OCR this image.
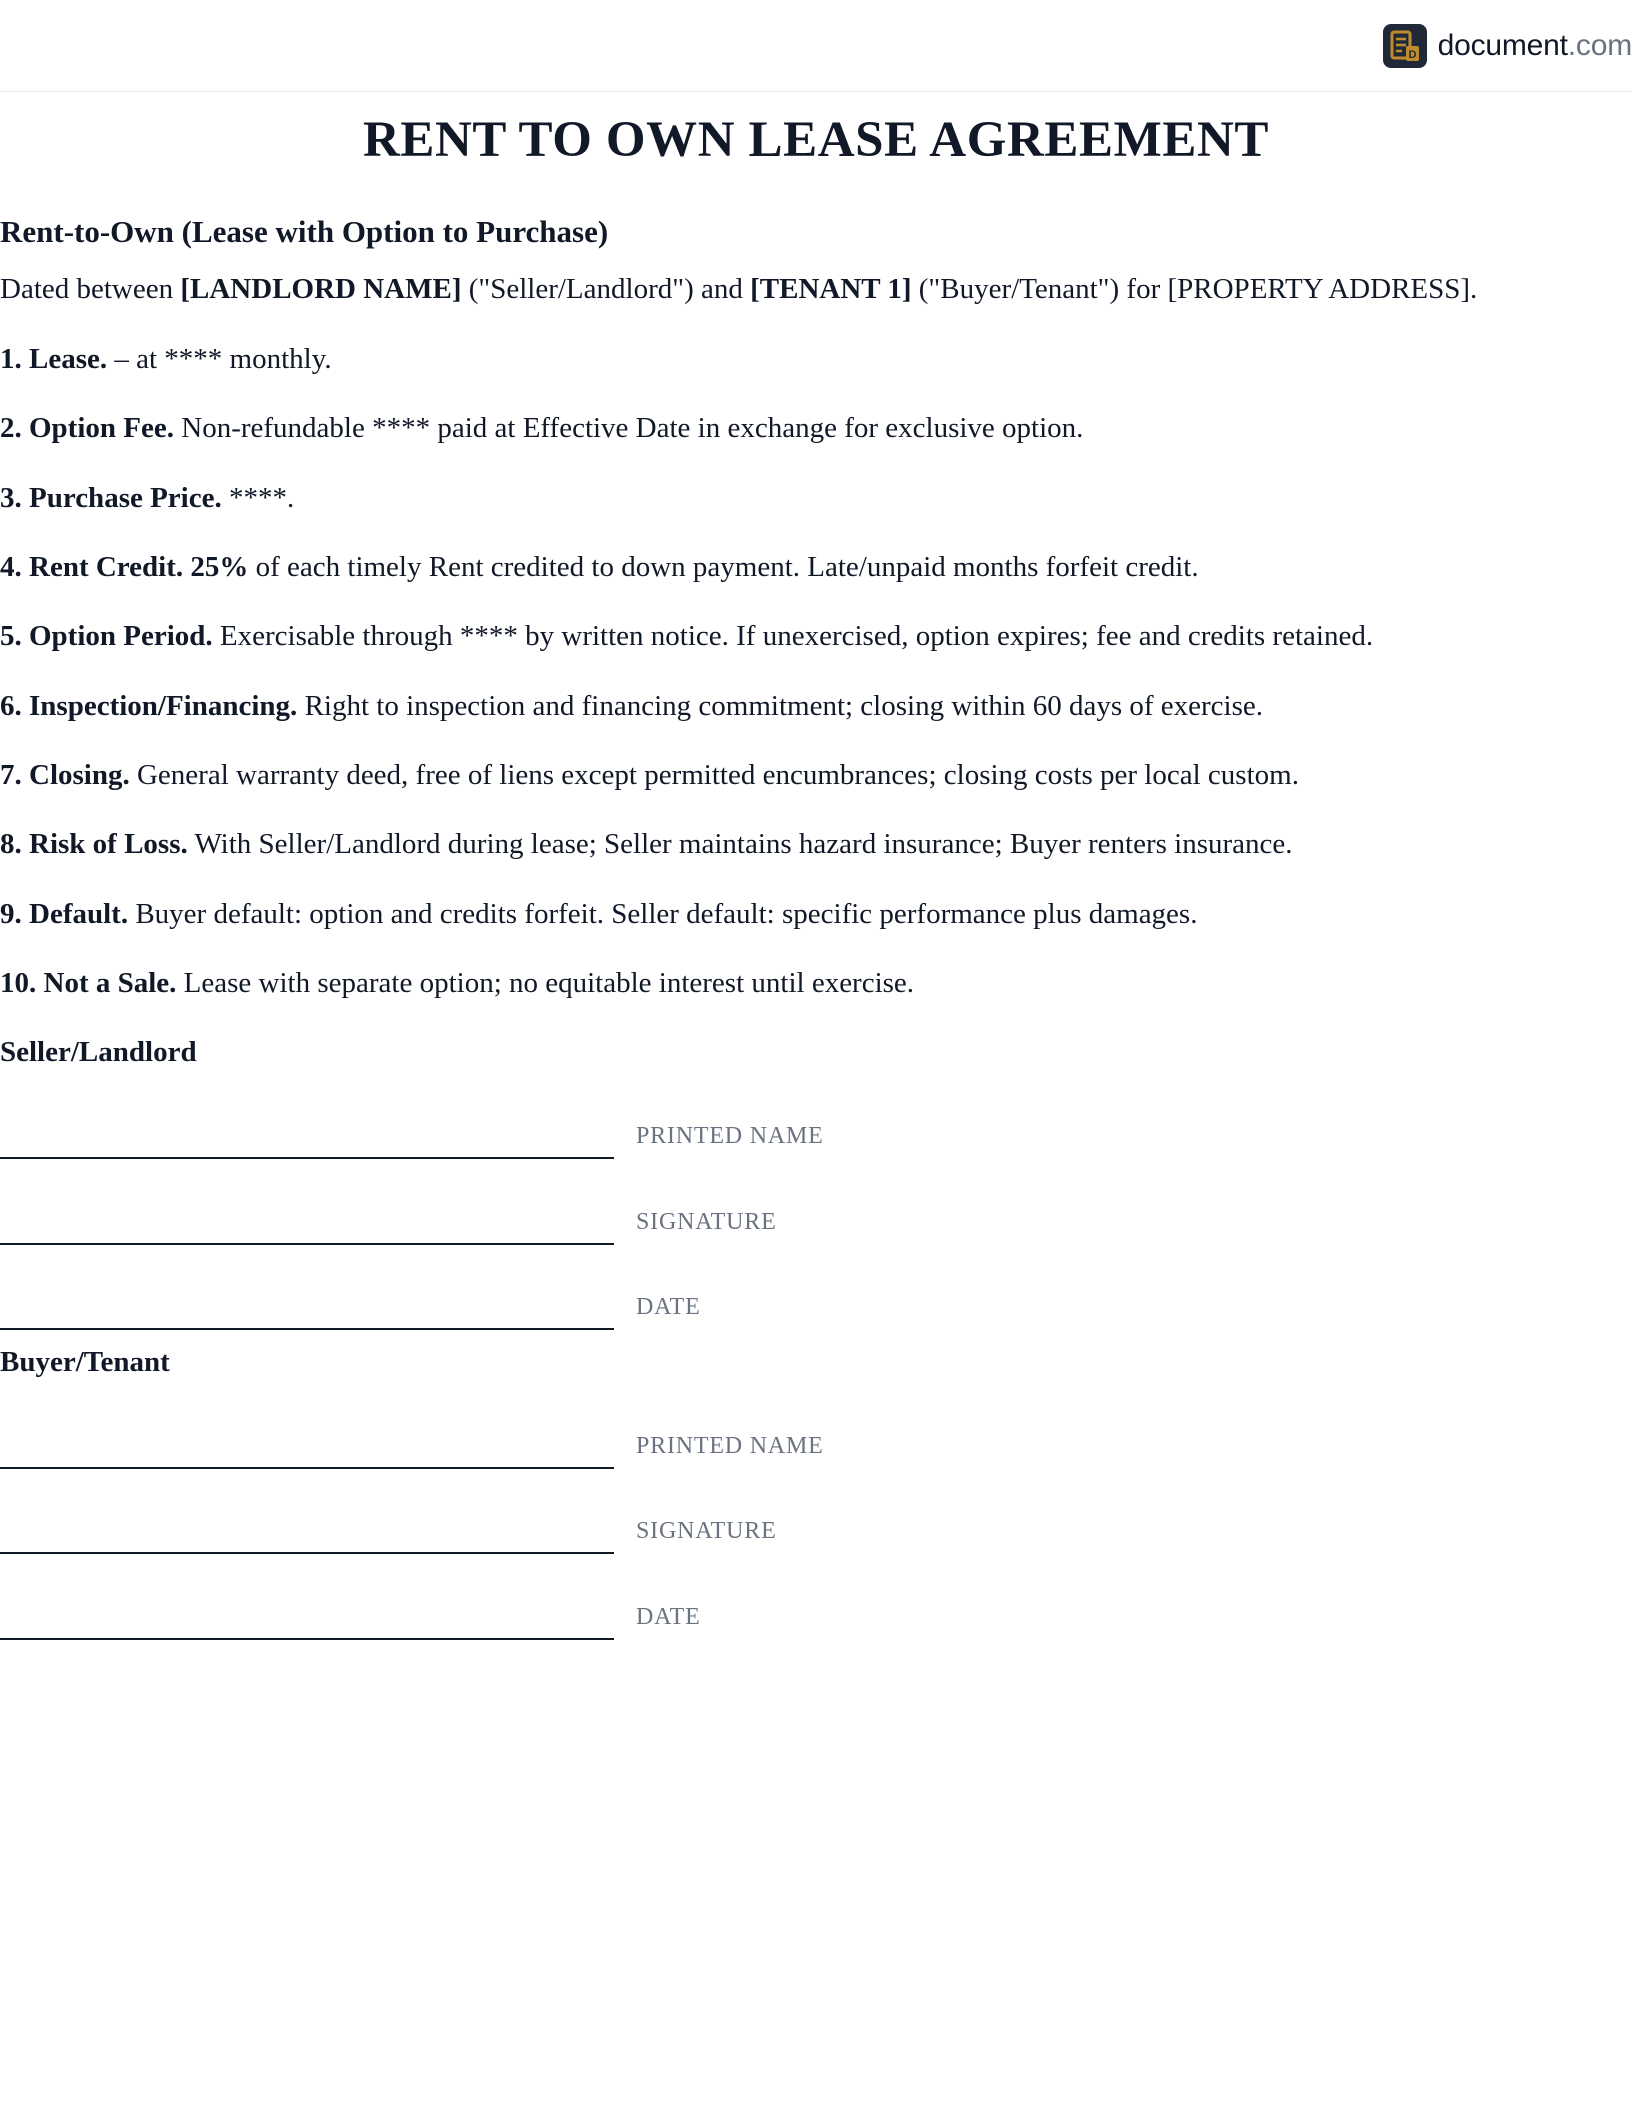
D document.com
RENT TO OWN LEASE AGREEMENT
Rent-to-Own (Lease with Option to Purchase)

Dated between [LANDLORD NAME] ("Seller/Landlord") and [TENANT 1] ("Buyer/Tenant") for [PROPERTY ADDRESS].

1. Lease. – at **** monthly.

2. Option Fee. Non-refundable **** paid at Effective Date in exchange for exclusive option.

3. Purchase Price. ****.

4. Rent Credit. 25% of each timely Rent credited to down payment. Late/unpaid months forfeit credit.

5. Option Period. Exercisable through **** by written notice. If unexercised, option expires; fee and credits retained.

6. Inspection/Financing. Right to inspection and financing commitment; closing within 60 days of exercise.

7. Closing. General warranty deed, free of liens except permitted encumbrances; closing costs per local custom.

8. Risk of Loss. With Seller/Landlord during lease; Seller maintains hazard insurance; Buyer renters insurance.

9. Default. Buyer default: option and credits forfeit. Seller default: specific performance plus damages.

10. Not a Sale. Lease with separate option; no equitable interest until exercise.

Seller/Landlord
PRINTED NAME
SIGNATURE
DATE
Buyer/Tenant
PRINTED NAME
SIGNATURE
DATE
